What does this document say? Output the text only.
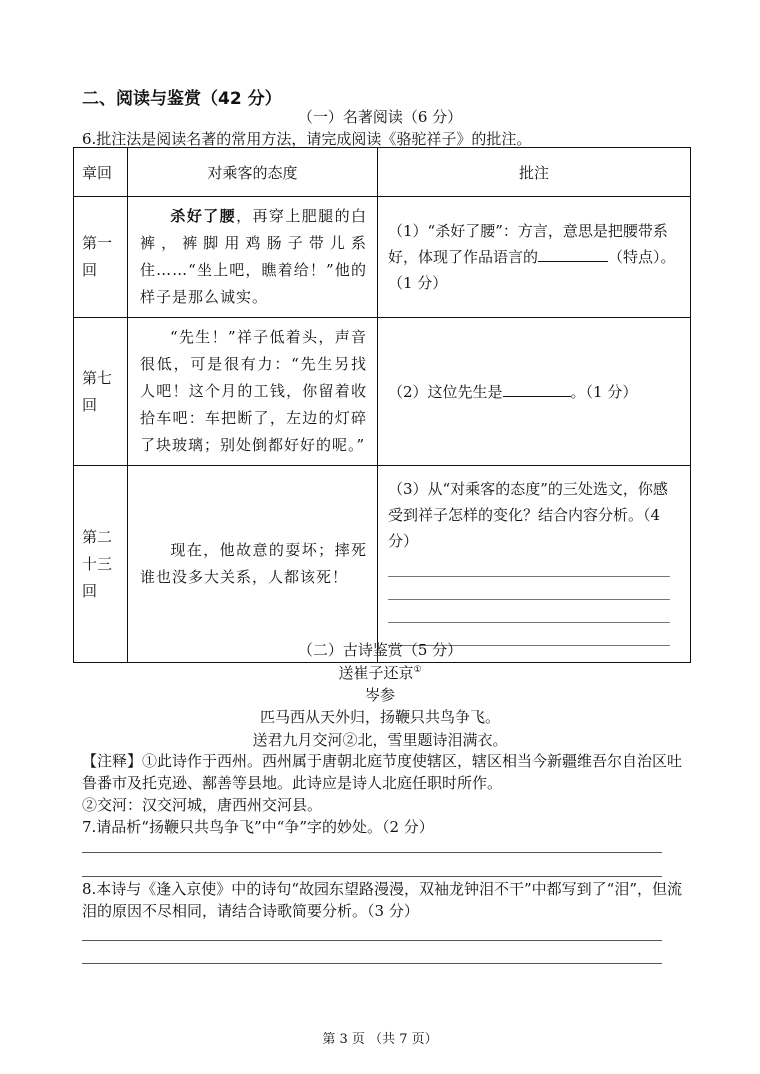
二、阅读与鉴赏（42 分）
（一）名著阅读（6 分）
6.批注法是阅读名著的常用方法，请完成阅读《骆驼祥子》的批注。
章回	对乘客的态度	批注

第一
回	杀好了腰，再穿上肥腿的白裤，裤脚用鸡肠子带儿系住……“坐上吧，瞧着给！”他的样子是那么诚实。	（1）“杀好了腰”：方言，意思是把腰带系好，体现了作品语言的 （特点）。（1 分）

第七
回	“先生！”祥子低着头，声音很低，可是很有力：“先生另找人吧！这个月的工钱，你留着收拾车吧：车把断了，左边的灯碎了块玻璃；别处倒都好好的呢。”	（2）这位先生是 。（1 分）

第二
十三
回	现在，他故意的耍坏；摔死谁也没多大关系，人都该死！	（3）从“对乘客的态度”的三处选文，你感受到祥子怎样的变化？结合内容分析。（4 分）
（二）古诗鉴赏（5 分）
送崔子还京①
岑参
匹马西从天外归，扬鞭只共鸟争飞。
送君九月交河②北，雪里题诗泪满衣。
【注释】①此诗作于西州。西州属于唐朝北庭节度使辖区，辖区相当今新疆维吾尔自治区吐鲁番市及托克逊、鄯善等县地。此诗应是诗人北庭任职时所作。
②交河：汉交河城，唐西州交河县。
7.请品析“扬鞭只共鸟争飞”中“争”字的妙处。（2 分）
8.本诗与《逢入京使》中的诗句“故园东望路漫漫，双袖龙钟泪不干”中都写到了“泪”，但流泪的原因不尽相同，请结合诗歌简要分析。（3 分）
第 3 页 （共 7 页）
